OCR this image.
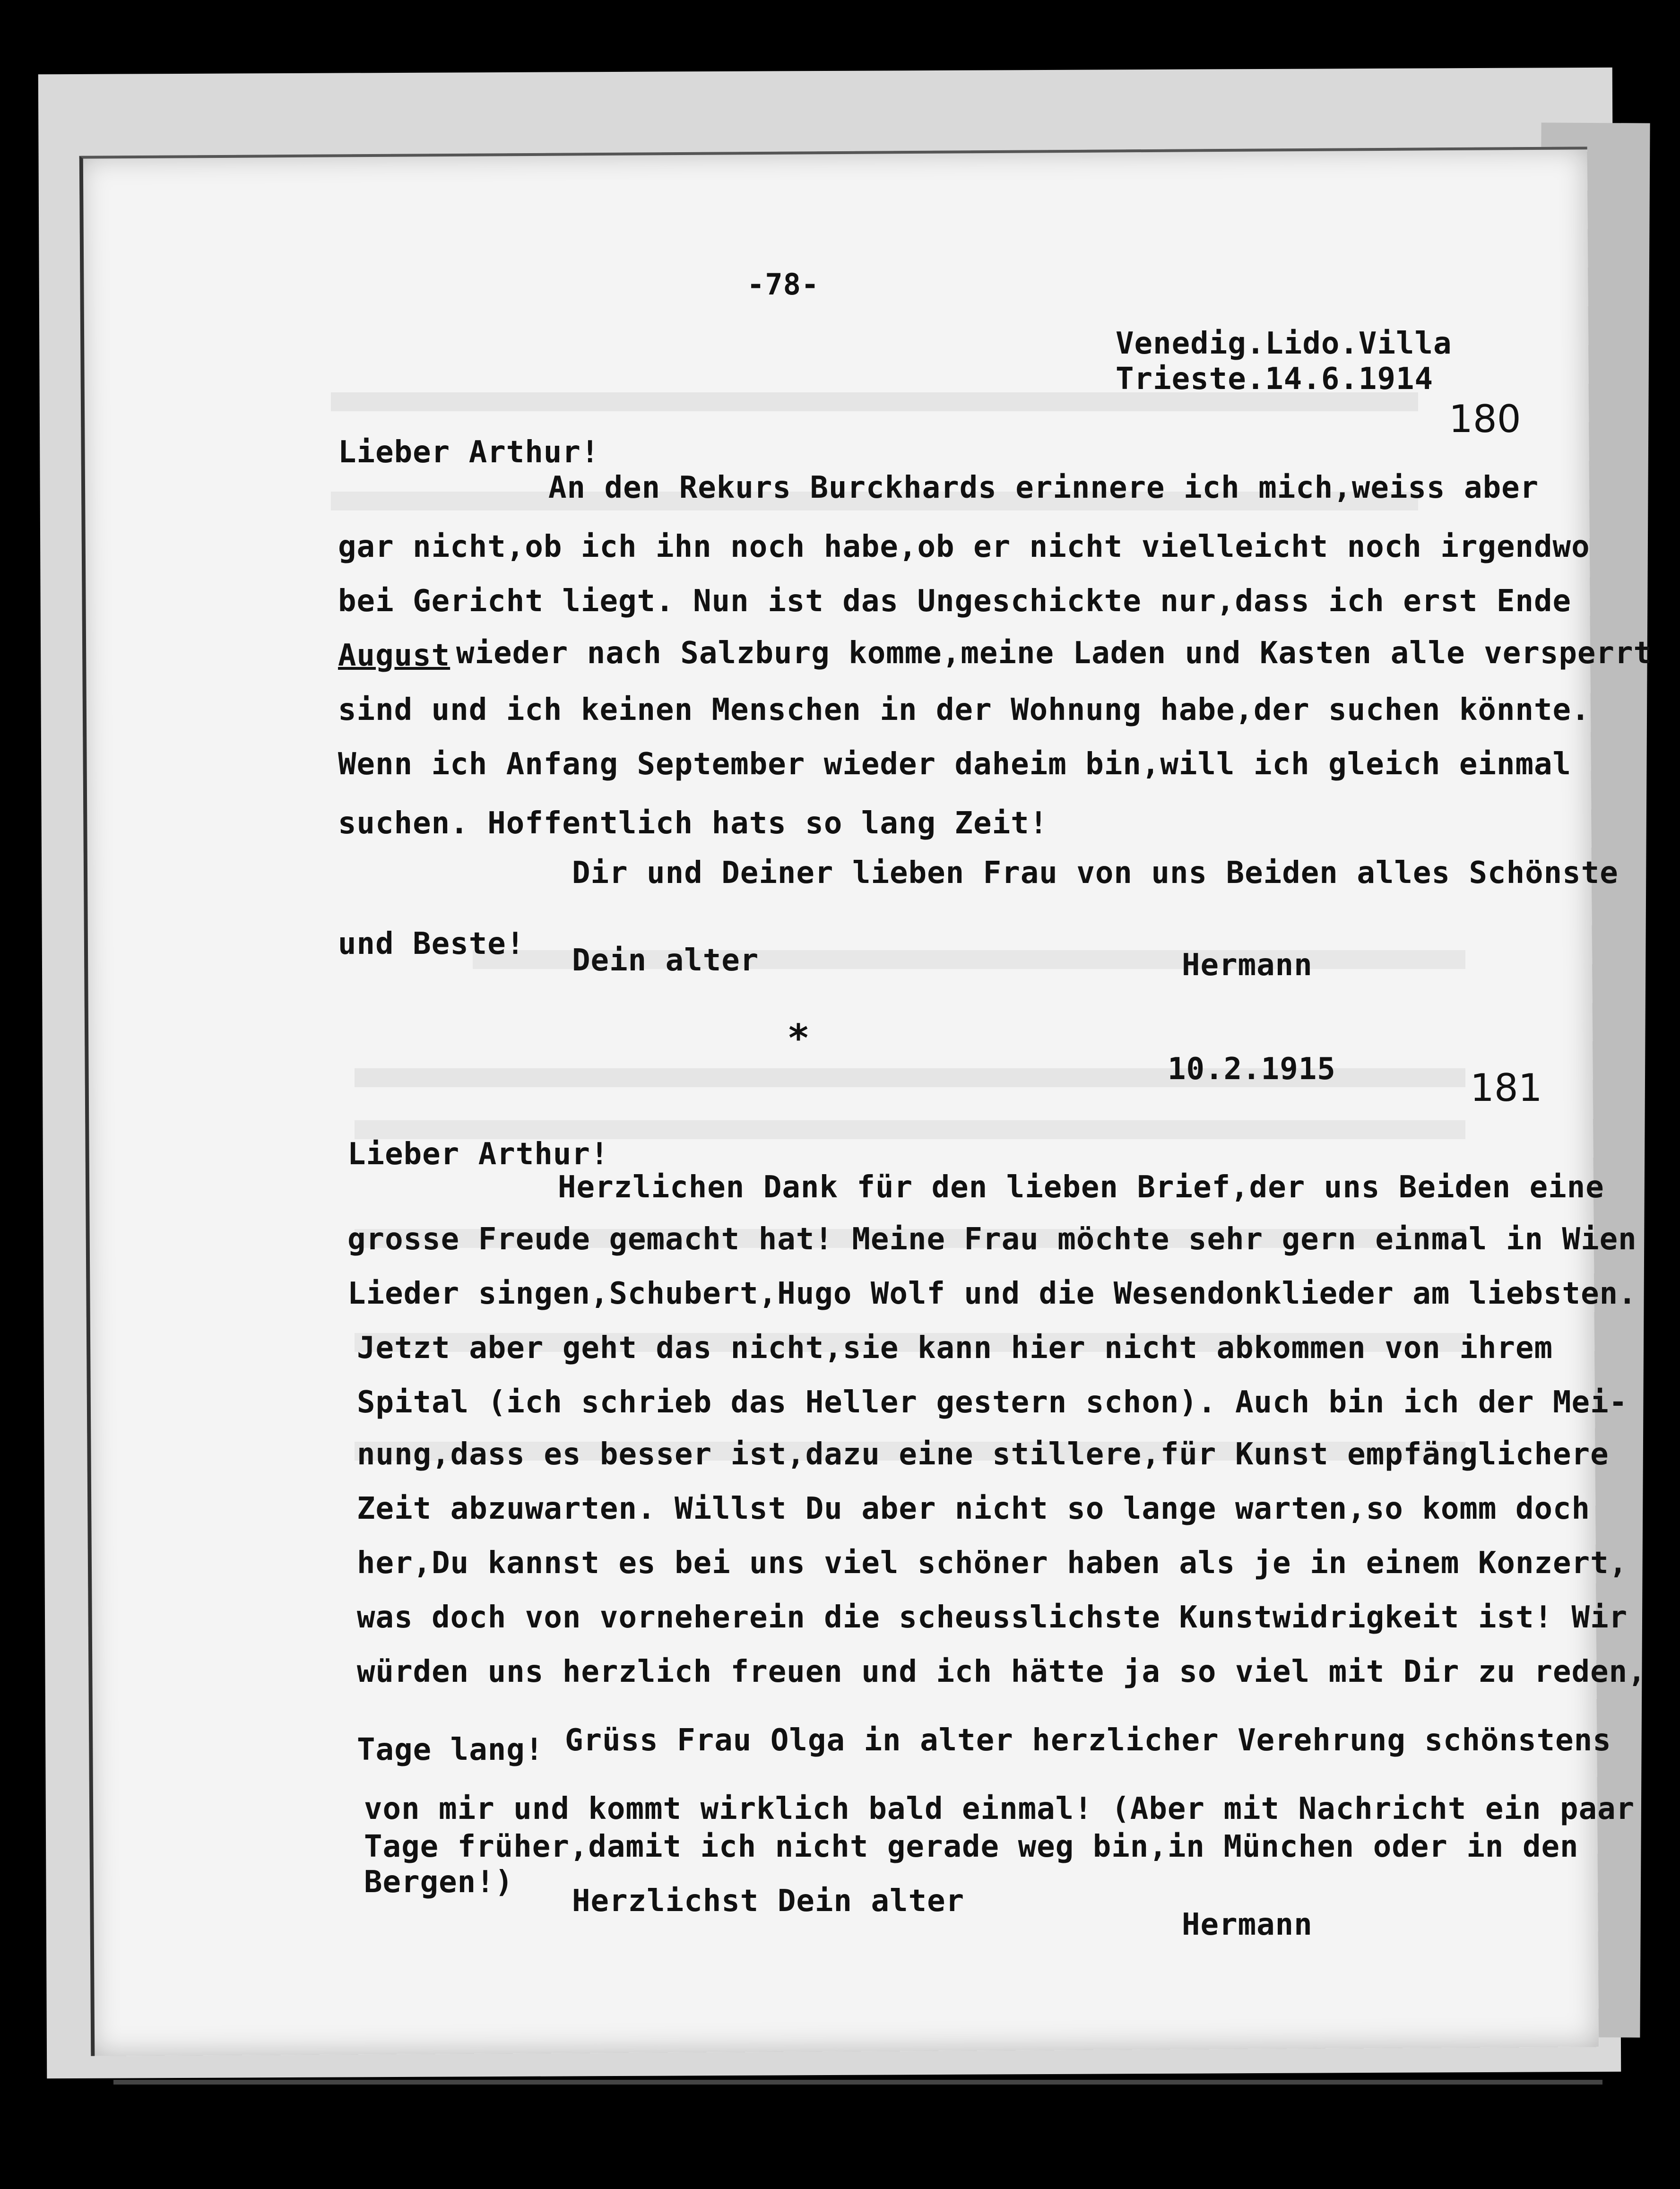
-78-
Venedig.Lido.Villa
Trieste.14.6.1914
180
Lieber Arthur!
An den Rekurs Burckhards erinnere ich mich,weiss aber
gar nicht,ob ich ihn noch habe,ob er nicht vielleicht noch irgendwo
bei Gericht liegt. Nun ist das Ungeschickte nur,dass ich erst Ende
August wieder nach Salzburg komme,meine Laden und Kasten alle versperrt
sind und ich keinen Menschen in der Wohnung habe,der suchen könnte.
Wenn ich Anfang September wieder daheim bin,will ich gleich einmal
suchen. Hoffentlich hats so lang Zeit!
Dir und Deiner lieben Frau von uns Beiden alles Schönste
und Beste! Dein alter	Hermann
*
10.2.1915	181
Lieber Arthur!
Herzlichen Dank für den lieben Brief,der uns Beiden eine
grosse Freude gemacht hat! Meine Frau möchte sehr gern einmal in Wien
Lieder singen,Schubert,Hugo Wolf und die Wesendonklieder am liebsten.
Jetzt aber geht das nicht,sie kann hier nicht abkommen von ihrem
Spital (ich schrieb das Heller gestern schon). Auch bin ich der Mei-
nung,dass es besser ist,dazu eine stillere,für Kunst empfänglichere
Zeit abzuwarten. Willst Du aber nicht so lange warten,so komm doch
her,Du kannst es bei uns viel schöner haben als je in einem Konzert,
was doch von vorneherein die scheusslichste Kunstwidrigkeit ist! Wir
würden uns herzlich freuen und ich hätte ja so viel mit Dir zu reden,
Tage lang! Grüss Frau Olga in alter herzlicher Verehrung schönstens
von mir und kommt wirklich bald einmal! (Aber mit Nachricht ein paar
Tage früher,damit ich nicht gerade weg bin,in München oder in den
Bergen!)
Herzlichst Dein alter
Hermann
